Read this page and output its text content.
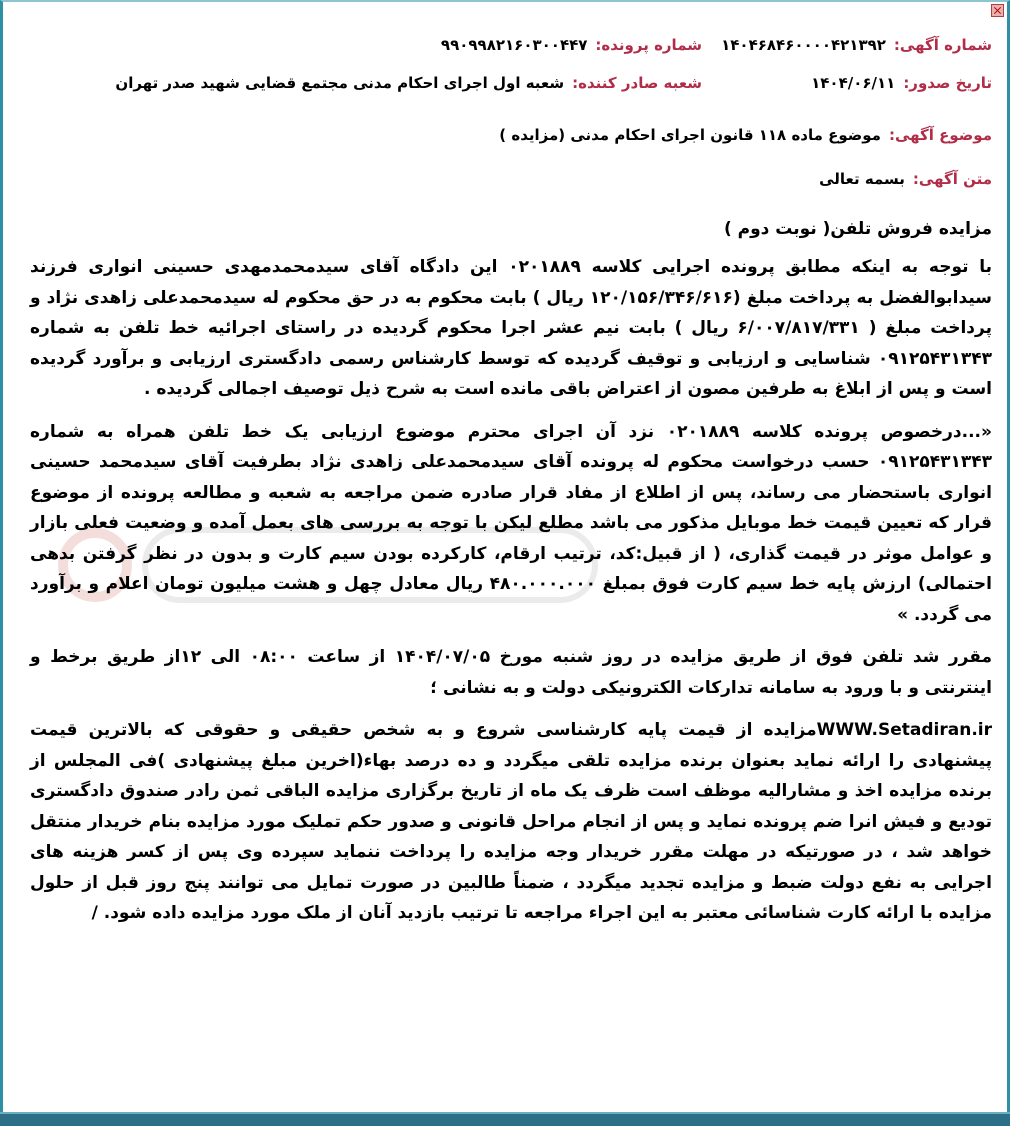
شماره آگهی:
۱۴۰۴۶۸۴۶۰۰۰۰۴۲۱۳۹۲
شماره پرونده:
۹۹۰۹۹۸۲۱۶۰۳۰۰۴۴۷
تاریخ صدور:
۱۴۰۴/۰۶/۱۱
شعبه صادر کننده:
شعبه اول اجرای احکام مدنی مجتمع قضایی شهید صدر تهران
موضوع آگهی:
موضوع ماده ۱۱۸ قانون اجرای احکام مدنی (مزایده )
متن آگهی:
بسمه تعالی
مزایده فروش تلفن( نوبت دوم )

با توجه به اینکه مطابق پرونده اجرایی کلاسه ۰۲۰۱۸۸۹ این دادگاه آقای سیدمحمدمهدی حسینی انواری فرزند سیدابوالفضل به پرداخت مبلغ (۱۲۰/۱۵۶/۳۴۶/۶۱۶ ریال ) بابت محکوم به در حق محکوم له سیدمحمدعلی زاهدی نژاد و پرداخت مبلغ ( ۶/۰۰۷/۸۱۷/۳۳۱ ریال ) بابت نیم عشر اجرا محکوم گردیده در راستای اجرائیه خط تلفن به شماره ۰۹۱۲۵۴۳۱۳۴۳ شناسایی و ارزیابی و توقیف گردیده که توسط کارشناس رسمی دادگستری ارزیابی و برآورد گردیده است و پس از ابلاغ به طرفین مصون از اعتراض باقی مانده است به شرح ذیل توصیف اجمالی گردیده .

«...درخصوص پرونده کلاسه ۰۲۰۱۸۸۹ نزد آن اجرای محترم موضوع ارزیابی یک خط تلفن همراه به شماره ۰۹۱۲۵۴۳۱۳۴۳ حسب درخواست محکوم له پرونده آقای سیدمحمدعلی زاهدی نژاد بطرفیت آقای سیدمحمد حسینی انواری باستحضار می رساند، پس از اطلاع از مفاد قرار صادره ضمن مراجعه به شعبه و مطالعه پرونده از موضوع قرار که تعیین قیمت خط موبایل مذکور می باشد مطلع لیکن با توجه به بررسی های بعمل آمده و وضعیت فعلی بازار و عوامل موثر در قیمت گذاری، ( از قبیل:کد، ترتیب ارقام، کارکرده بودن سیم کارت و بدون در نظر گرفتن بدهی احتمالی) ارزش پایه خط سیم کارت فوق بمبلغ ۴۸۰.۰۰۰.۰۰۰ ریال معادل چهل و هشت میلیون تومان اعلام و برآورد می گردد. »

مقرر شد تلفن فوق از طریق مزایده در روز شنبه مورخ ۱۴۰۴/۰۷/۰۵ از ساعت ۰۸:۰۰ الی ۱۲از طریق برخط و اینترنتی و با ورود به سامانه تدارکات الکترونیکی دولت و به نشانی ؛

WWW.Setadiran.irمزایده از قیمت پایه کارشناسی شروع و به شخص حقیقی و حقوقی که بالاترین قیمت پیشنهادی را ارائه نماید بعنوان برنده مزایده تلقی میگردد و ده درصد بهاء(اخرین مبلغ پیشنهادی )فی المجلس از برنده مزایده اخذ و مشارالیه موظف است ظرف یک ماه از تاریخ برگزاری مزایده الباقی ثمن رادر صندوق دادگستری تودیع و فیش انرا ضم پرونده نماید و پس از انجام مراحل قانونی و صدور حکم تملیک مورد مزایده بنام خریدار منتقل خواهد شد ، در صورتیکه در مهلت مقرر خریدار وجه مزایده را پرداخت ننماید سپرده وی پس از کسر هزینه های اجرایی به نفع دولت ضبط و مزایده تجدید میگردد ، ضمناً طالبین در صورت تمایل می توانند پنج روز قبل از حلول مزایده با ارائه کارت شناسائی معتبر به این اجراء مراجعه تا ترتیب بازدید آنان از ملک مورد مزایده داده شود. /
